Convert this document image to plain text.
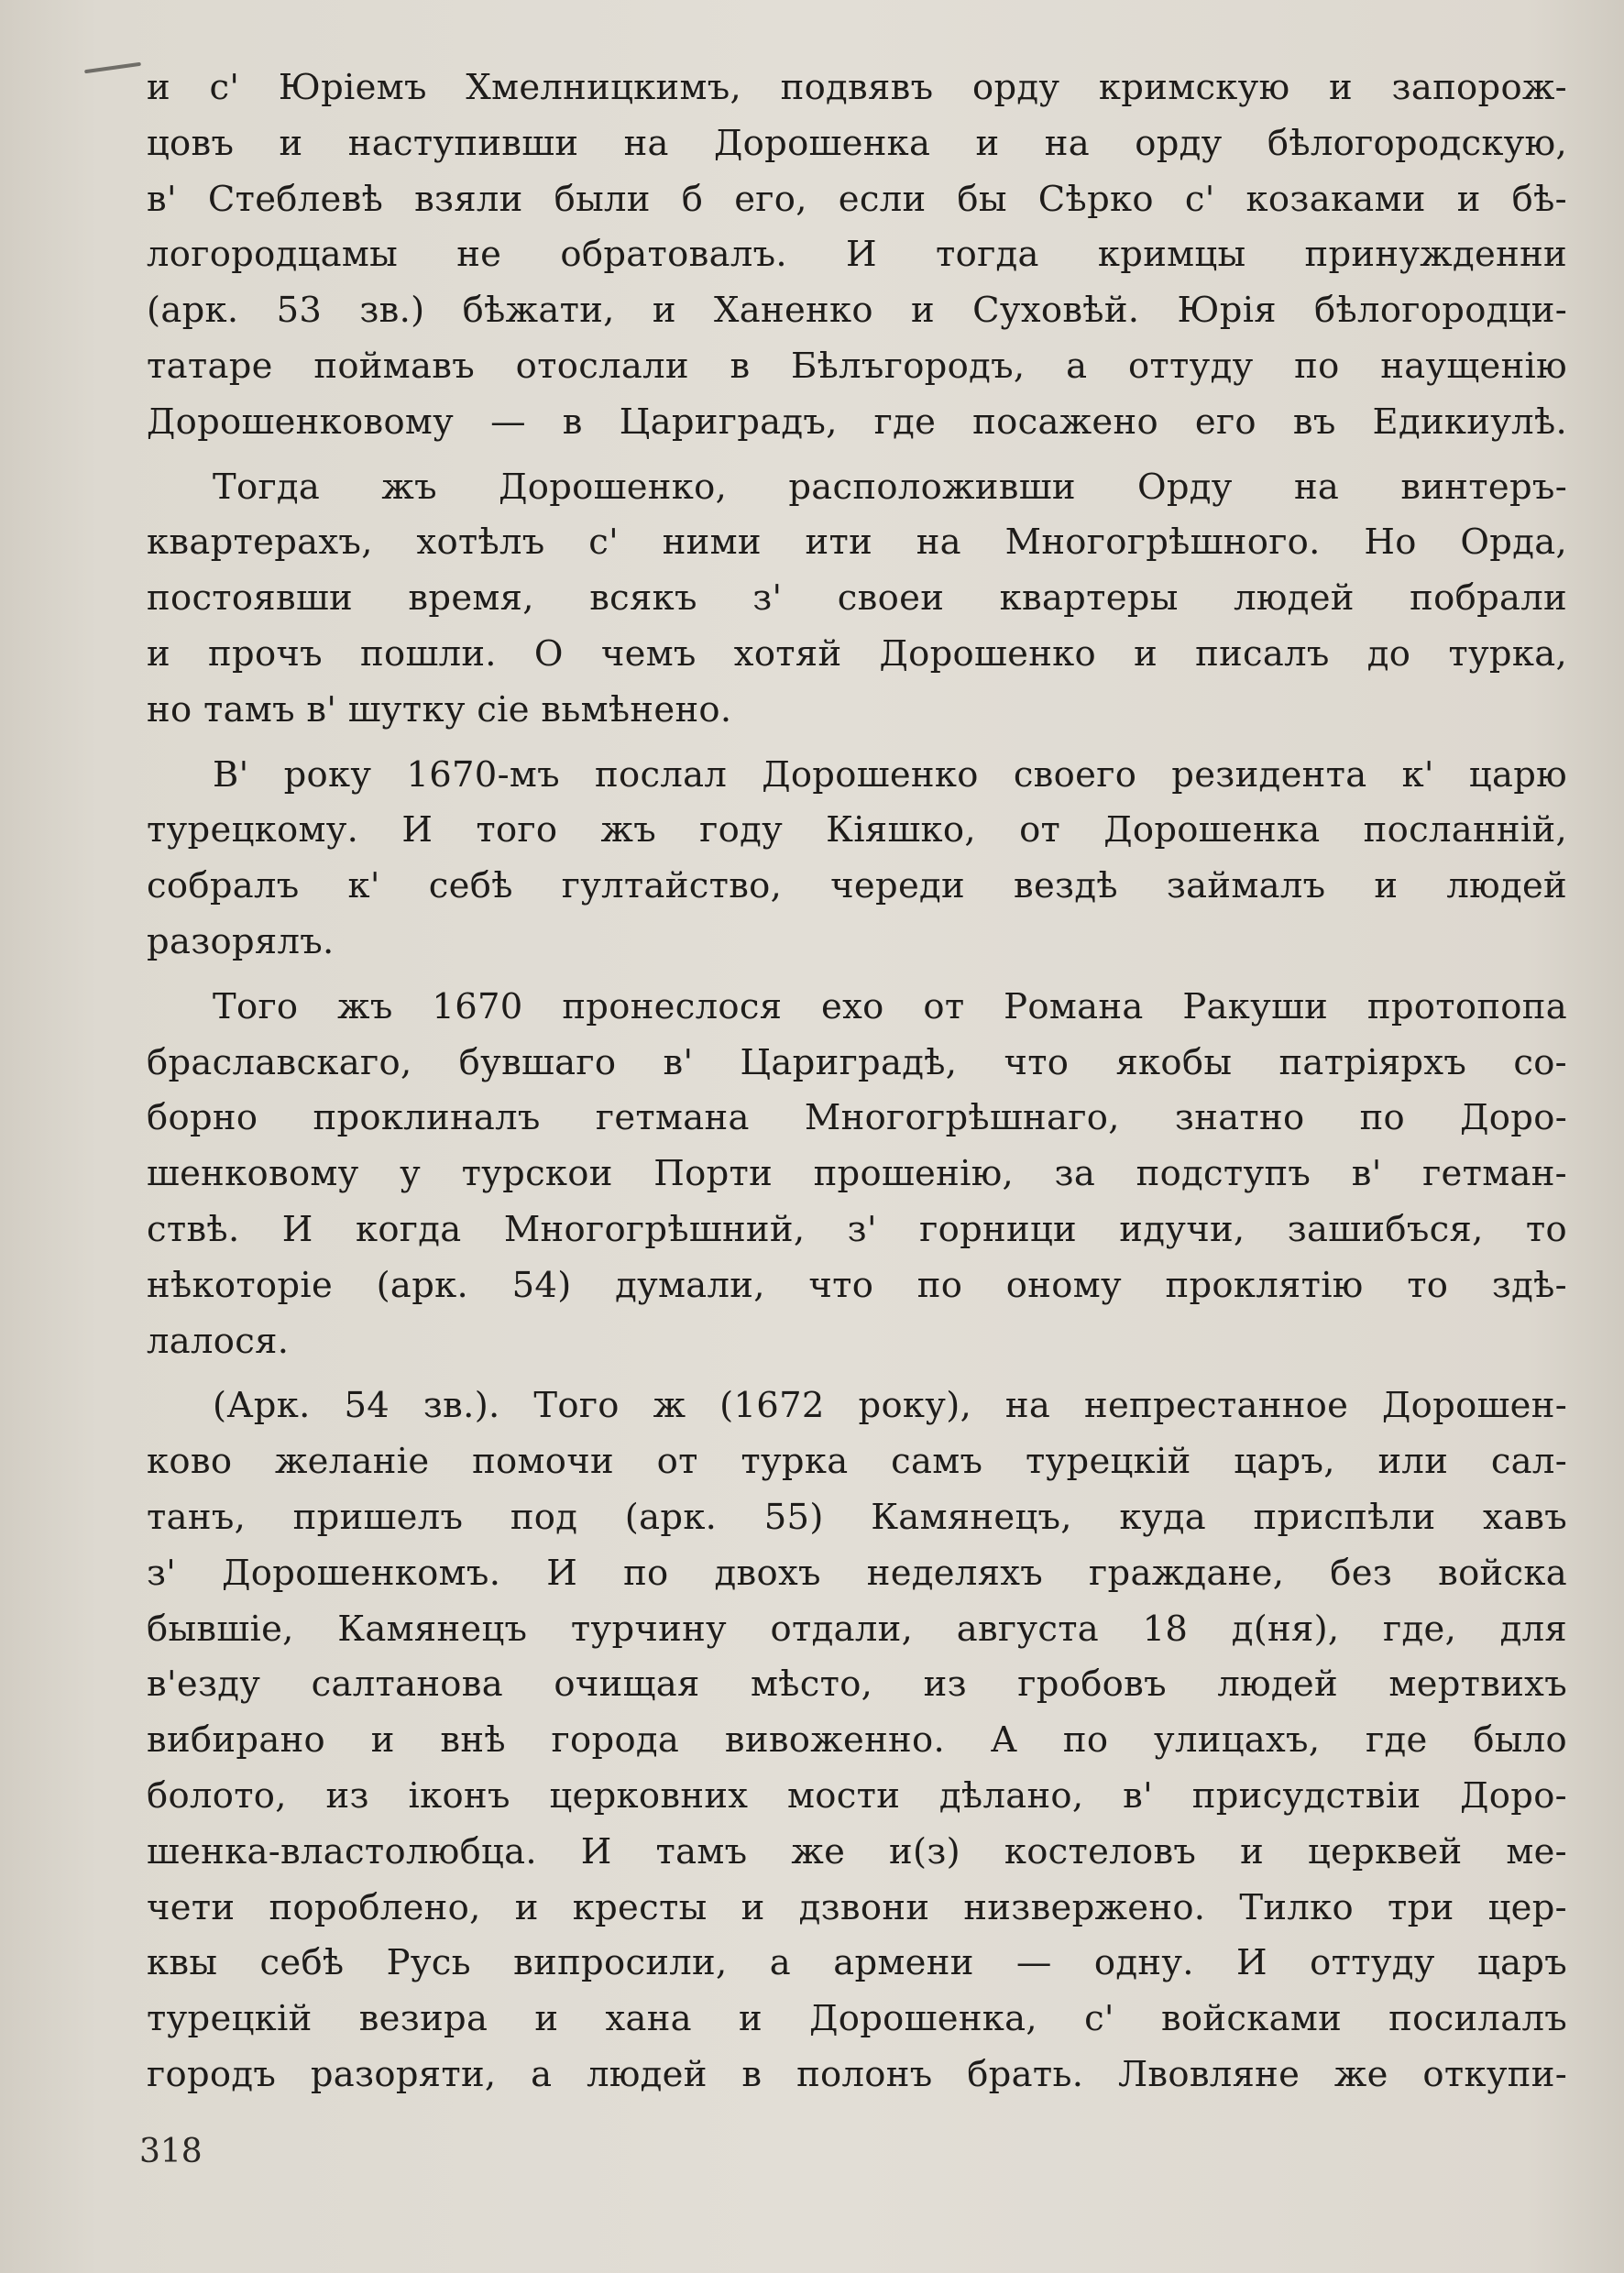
и с' Юріемъ Хмелницкимъ, подвявъ орду кримскую и запорож-
цовъ и наступивши на Дорошенка и на орду бѣлогородскую,
в' Стеблевѣ взяли были б его, если бы Сѣрко с' козаками и бѣ-
логородцамы не обратовалъ. И тогда кримцы принужденни
(арк. 53 зв.) бѣжати, и Ханенко и Суховѣй. Юрія бѣлогородци-
татаре поймавъ отослали в Бѣлъгородъ, а оттуду по наущенію
Дорошенковому — в Цариградъ, где посажено его въ Едикиулѣ.
Тогда жъ Дорошенко, расположивши Орду на винтеръ-
квартерахъ, хотѣлъ с' ними ити на Многогрѣшного. Но Орда,
постоявши время, всякъ з' своеи квартеры людей побрали
и прочъ пошли. О чемъ хотяй Дорошенко и писалъ до турка,
но тамъ в' шутку сіе вьмѣнено.
В' року 1670-мъ послал Дорошенко своего резидента к' царю
турецкому. И того жъ году Кіяшко, от Дорошенка посланній,
собралъ к' себѣ гултайство, череди вездѣ займалъ и людей
разорялъ.
Того жъ 1670 пронеслося ехо от Романа Ракуши протопопа
браславскаго, бувшаго в' Цариградѣ, что якобы патріярхъ со-
борно проклиналъ гетмана Многогрѣшнаго, знатно по Доро-
шенковому у турскои Порти прошенію, за подступъ в' гетман-
ствѣ. И когда Многогрѣшний, з' горници идучи, зашибъся, то
нѣкоторіе (арк. 54) думали, что по оному проклятію то здѣ-
лалося.
(Арк. 54 зв.). Того ж (1672 року), на непрестанное Дорошен-
ково желаніе помочи от турка самъ турецкій царъ, или сал-
танъ, пришелъ под (арк. 55) Камянецъ, куда приспѣли хавъ
з' Дорошенкомъ. И по двохъ неделяхъ граждане, без войска
бывшіе, Камянецъ турчину отдали, августа 18 д(ня), где, для
в'езду салтанова очищая мѣсто, из гробовъ людей мертвихъ
вибирано и внѣ города вивоженно. А по улицахъ, где было
болото, из іконъ церковних мости дѣлано, в' присудствіи Доро-
шенка-властолюбца. И тамъ же и(з) костеловъ и церквей ме-
чети пороблено, и кресты и дзвони низвержено. Тилко три цер-
квы себѣ Русь випросили, а армени — одну. И оттуду царъ
турецкій везира и хана и Дорошенка, с' войсками посилалъ
городъ разоряти, а людей в полонъ брать. Лвовляне же откупи-
318
